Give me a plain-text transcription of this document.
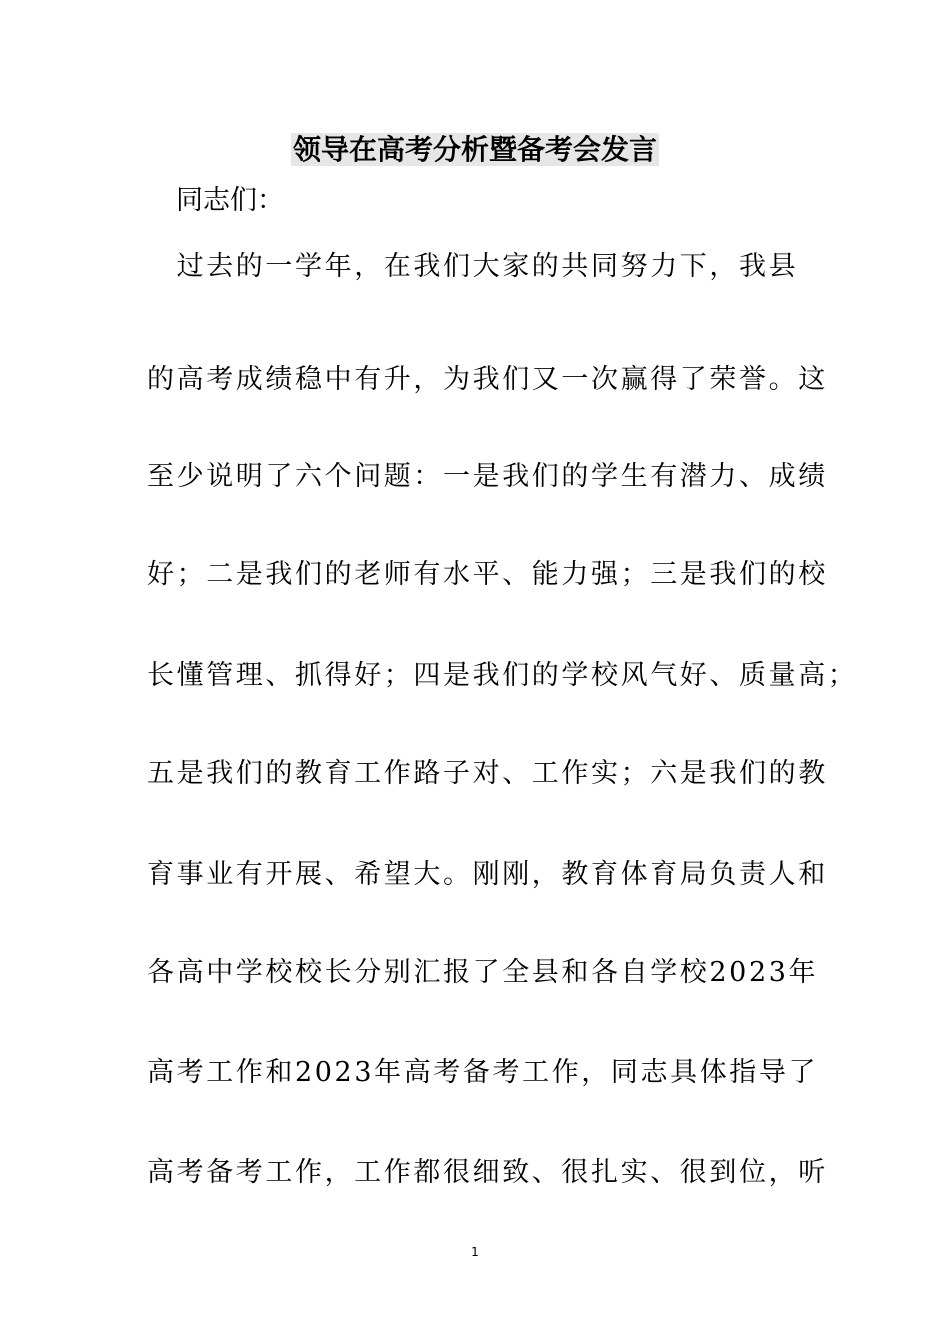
领导在高考分析暨备考会发言
同志们：
　过去的一学年，在我们大家的共同努力下，我县
的高考成绩稳中有升，为我们又一次赢得了荣誉。这
至少说明了六个问题：一是我们的学生有潜力、成绩
好；二是我们的老师有水平、能力强；三是我们的校
长懂管理、抓得好；四是我们的学校风气好、质量高；
五是我们的教育工作路子对、工作实；六是我们的教
育事业有开展、希望大。刚刚，教育体育局负责人和
各高中学校校长分别汇报了全县和各自学校2023年
高考工作和2023年高考备考工作，同志具体指导了
高考备考工作，工作都很细致、很扎实、很到位，听
1
